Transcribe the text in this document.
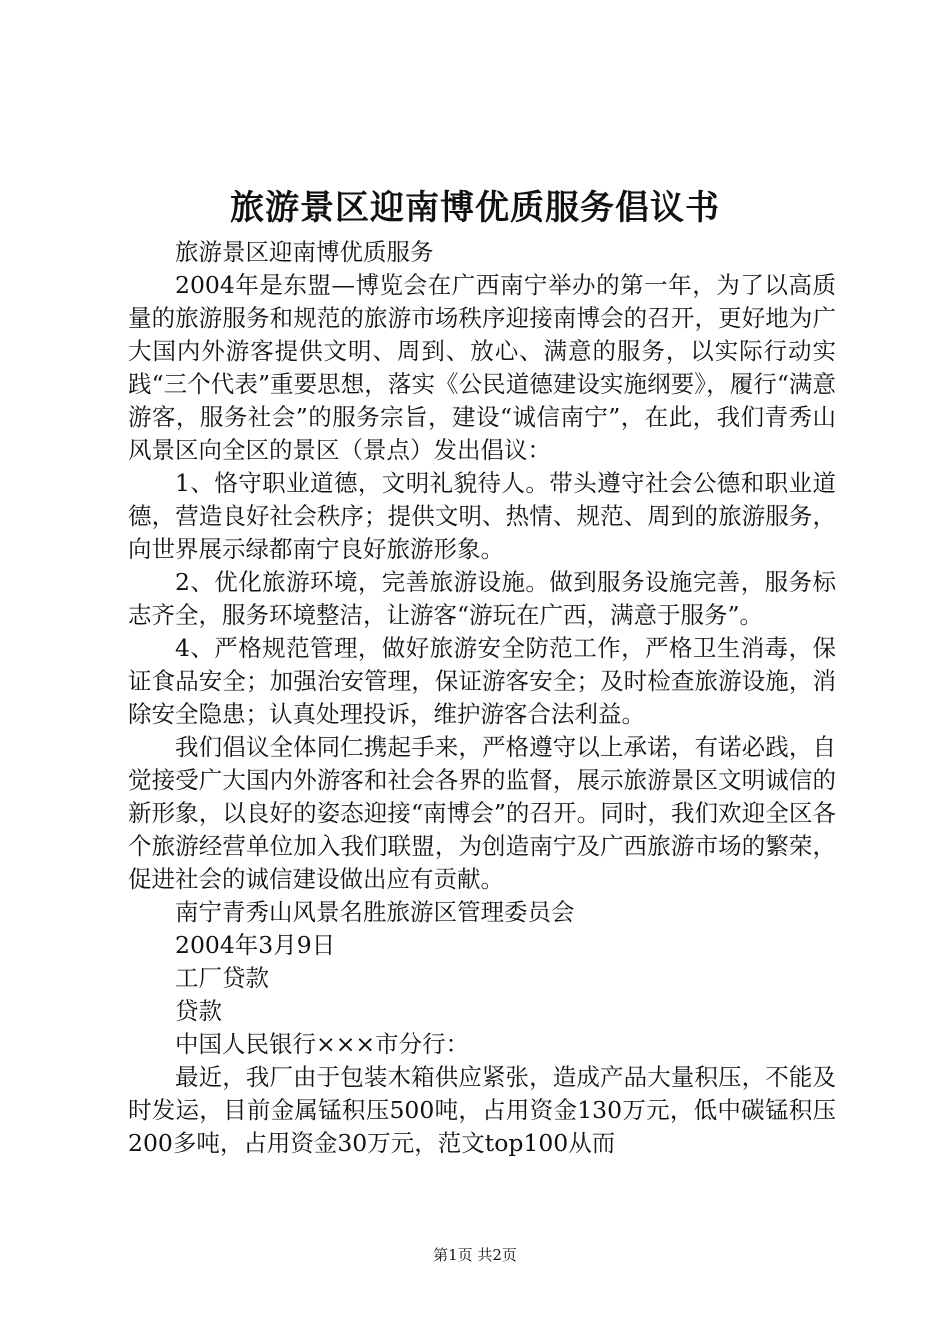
旅游景区迎南博优质服务倡议书

旅游景区迎南博优质服务

2004年是东盟—博览会在广西南宁举办的第一年，为了以高质量的旅游服务和规范的旅游市场秩序迎接南博会的召开，更好地为广大国内外游客提供文明、周到、放心、满意的服务，以实际行动实践“三个代表”重要思想，落实《公民道德建设实施纲要》，履行“满意游客，服务社会”的服务宗旨，建设“诚信南宁”，在此，我们青秀山风景区向全区的景区（景点）发出倡议：

1、恪守职业道德，文明礼貌待人。带头遵守社会公德和职业道德，营造良好社会秩序；提供文明、热情、规范、周到的旅游服务，向世界展示绿都南宁良好旅游形象。

2、优化旅游环境，完善旅游设施。做到服务设施完善，服务标志齐全，服务环境整洁，让游客“游玩在广西，满意于服务”。

4、严格规范管理，做好旅游安全防范工作，严格卫生消毒，保证食品安全；加强治安管理，保证游客安全；及时检查旅游设施，消除安全隐患；认真处理投诉，维护游客合法利益。

我们倡议全体同仁携起手来，严格遵守以上承诺，有诺必践，自觉接受广大国内外游客和社会各界的监督，展示旅游景区文明诚信的新形象，以良好的姿态迎接“南博会”的召开。同时，我们欢迎全区各个旅游经营单位加入我们联盟，为创造南宁及广西旅游市场的繁荣，促进社会的诚信建设做出应有贡献。

南宁青秀山风景名胜旅游区管理委员会

2004年3月9日

工厂贷款

贷款

中国人民银行×××市分行：

最近，我厂由于包装木箱供应紧张，造成产品大量积压，不能及时发运，目前金属锰积压500吨，占用资金130万元，低中碳锰积压200多吨，占用资金30万元，范文top100从而

第1页 共2页
